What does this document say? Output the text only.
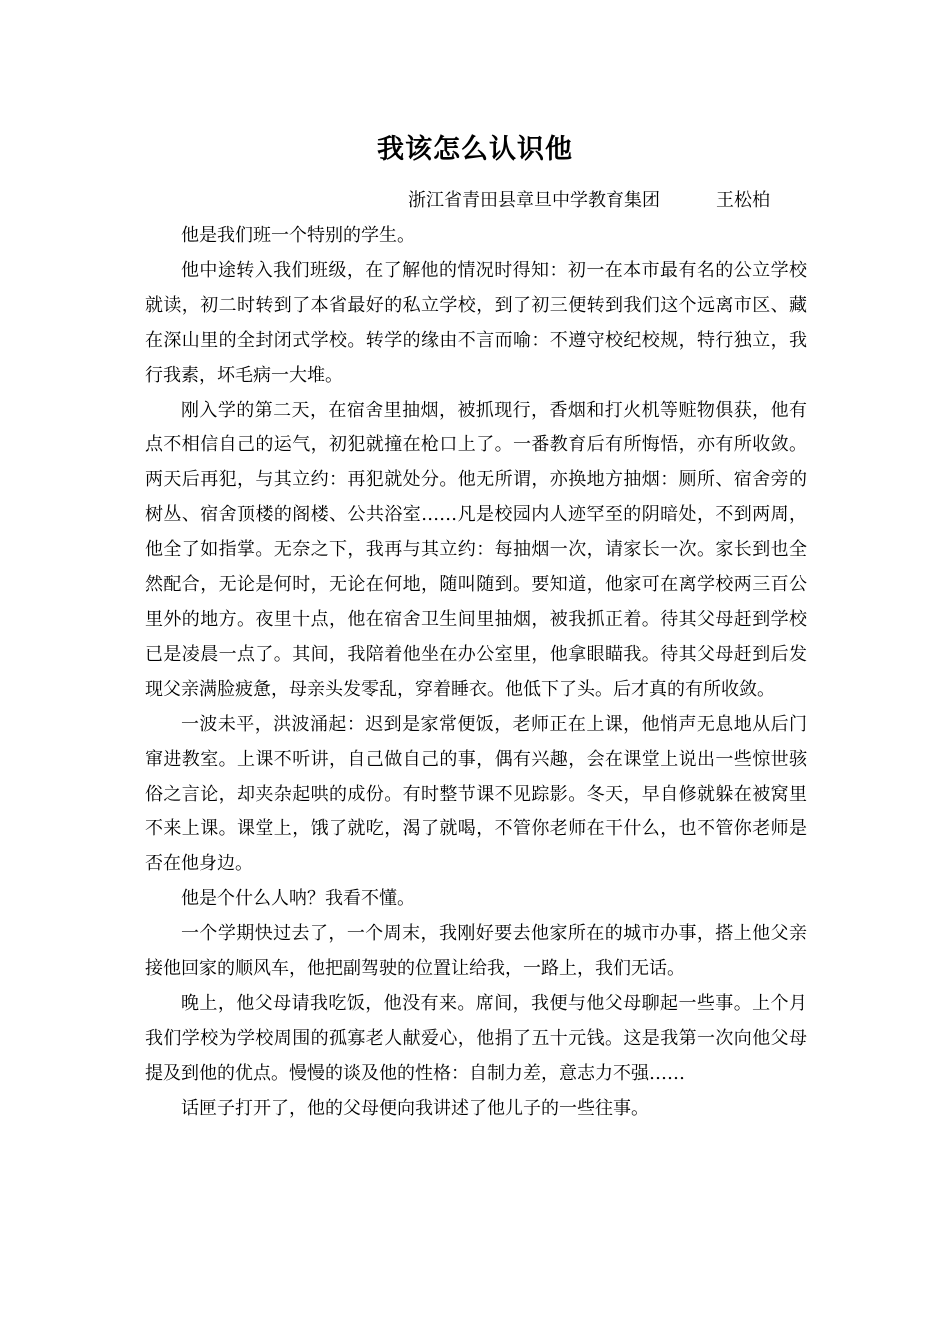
我该怎么认识他
浙江省青田县章旦中学教育集团	王松柏

他是我们班一个特别的学生。

他中途转入我们班级，在了解他的情况时得知：初一在本市最有名的公立学校就读，初二时转到了本省最好的私立学校，到了初三便转到我们这个远离市区、藏在深山里的全封闭式学校。转学的缘由不言而喻：不遵守校纪校规，特行独立，我行我素，坏毛病一大堆。

刚入学的第二天，在宿舍里抽烟，被抓现行，香烟和打火机等赃物俱获，他有点不相信自己的运气，初犯就撞在枪口上了。一番教育后有所悔悟，亦有所收敛。两天后再犯，与其立约：再犯就处分。他无所谓，亦换地方抽烟：厕所、宿舍旁的树丛、宿舍顶楼的阁楼、公共浴室……凡是校园内人迹罕至的阴暗处，不到两周，他全了如指掌。无奈之下，我再与其立约：每抽烟一次，请家长一次。家长到也全然配合，无论是何时，无论在何地，随叫随到。要知道，他家可在离学校两三百公里外的地方。夜里十点，他在宿舍卫生间里抽烟，被我抓正着。待其父母赶到学校已是凌晨一点了。其间，我陪着他坐在办公室里，他拿眼瞄我。待其父母赶到后发现父亲满脸疲惫，母亲头发零乱，穿着睡衣。他低下了头。后才真的有所收敛。

一波未平，洪波涌起：迟到是家常便饭，老师正在上课，他悄声无息地从后门窜进教室。上课不听讲，自己做自己的事，偶有兴趣，会在课堂上说出一些惊世骇俗之言论，却夹杂起哄的成份。有时整节课不见踪影。冬天，早自修就躲在被窝里不来上课。课堂上，饿了就吃，渴了就喝，不管你老师在干什么，也不管你老师是否在他身边。

他是个什么人呐？我看不懂。

一个学期快过去了，一个周末，我刚好要去他家所在的城市办事，搭上他父亲接他回家的顺风车，他把副驾驶的位置让给我，一路上，我们无话。

晚上，他父母请我吃饭，他没有来。席间，我便与他父母聊起一些事。上个月我们学校为学校周围的孤寡老人献爱心，他捐了五十元钱。这是我第一次向他父母提及到他的优点。慢慢的谈及他的性格：自制力差，意志力不强……

话匣子打开了，他的父母便向我讲述了他儿子的一些往事。
